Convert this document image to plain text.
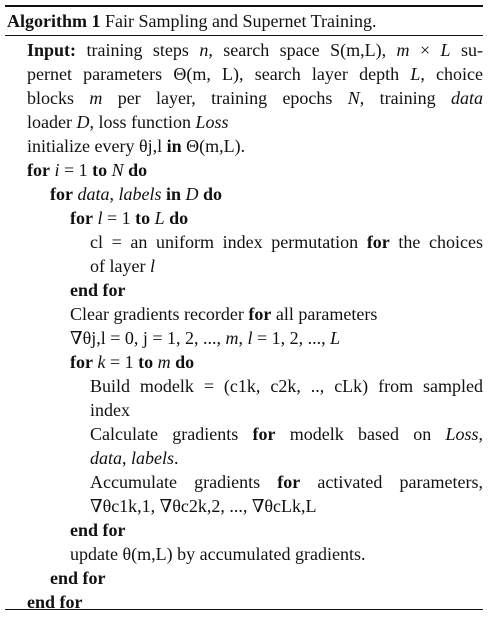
Algorithm 1 Fair Sampling and Supernet Training.
Input: training steps n, search space S(m,L), m × L su-
pernet parameters Θ(m, L), search layer depth L, choice
blocks m per layer, training epochs N, training data
loader D, loss function Loss
initialize every θj,l in Θ(m,L).
for i = 1 to N do
for data, labels in D do
for l = 1 to L do
cl = an uniform index permutation for the choices
of layer l
end for
Clear gradients recorder for all parameters
∇θj,l = 0, j = 1, 2, ..., m, l = 1, 2, ..., L
for k = 1 to m do
Build modelk = (c1k, c2k, .., cLk) from sampled
index
Calculate gradients for modelk based on Loss,
data, labels.
Accumulate gradients for activated parameters,
∇θc1k,1, ∇θc2k,2, ..., ∇θcLk,L
end for
update θ(m,L) by accumulated gradients.
end for
end for
